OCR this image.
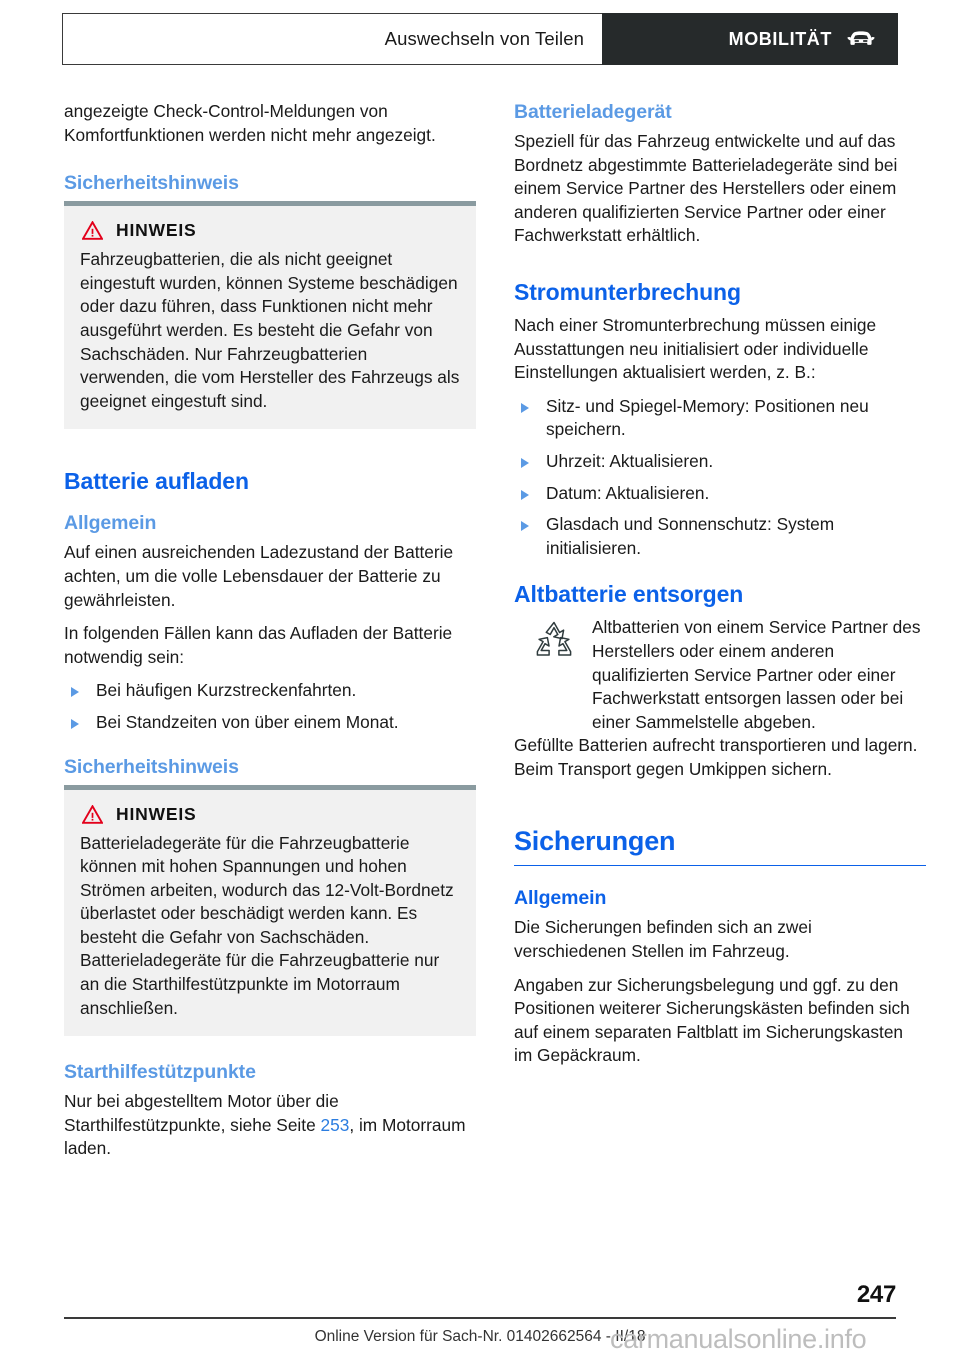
Auswechseln von Teilen	MOBILITÄT

angezeigte Check-Control-Meldungen von Komfortfunktionen werden nicht mehr angezeigt.

Sicherheitshinweis
HINWEIS

Fahrzeugbatterien, die als nicht geeignet eingestuft wurden, können Systeme beschädigen oder dazu führen, dass Funktionen nicht mehr ausgeführt werden. Es besteht die Gefahr von Sachschäden. Nur Fahrzeugbatterien verwenden, die vom Hersteller des Fahrzeugs als geeignet eingestuft sind.

Batterie aufladen
Allgemein

Auf einen ausreichenden Ladezustand der Batterie achten, um die volle Lebensdauer der Batterie zu gewährleisten.

In folgenden Fällen kann das Aufladen der Batterie notwendig sein:

Bei häufigen Kurzstreckenfahrten.
Bei Standzeiten von über einem Monat.
Sicherheitshinweis
HINWEIS

Batterieladegeräte für die Fahrzeugbatterie können mit hohen Spannungen und hohen Strömen arbeiten, wodurch das 12-Volt-Bordnetz überlastet oder beschädigt werden kann. Es besteht die Gefahr von Sachschäden. Batterieladegeräte für die Fahrzeugbatterie nur an die Starthilfestützpunkte im Motorraum anschließen.

Starthilfestützpunkte

Nur bei abgestelltem Motor über die Starthilfestützpunkte, siehe Seite 253, im Motorraum laden.

Batterieladegerät

Speziell für das Fahrzeug entwickelte und auf das Bordnetz abgestimmte Batterieladegeräte sind bei einem Service Partner des Herstellers oder einem anderen qualifizierten Service Partner oder einer Fachwerkstatt erhältlich.

Stromunterbrechung

Nach einer Stromunterbrechung müssen einige Ausstattungen neu initialisiert oder individuelle Einstellungen aktualisiert werden, z. B.:

Sitz- und Spiegel-Memory: Positionen neu speichern.
Uhrzeit: Aktualisieren.
Datum: Aktualisieren.
Glasdach und Sonnenschutz: System initialisieren.
Altbatterie entsorgen

Altbatterien von einem Service Partner des Herstellers oder einem anderen qualifizierten Service Partner oder einer Fachwerkstatt entsorgen lassen oder bei einer Sammelstelle abgeben.

Gefüllte Batterien aufrecht transportieren und lagern. Beim Transport gegen Umkippen sichern.

Sicherungen
Allgemein

Die Sicherungen befinden sich an zwei verschiedenen Stellen im Fahrzeug.

Angaben zur Sicherungsbelegung und ggf. zu den Positionen weiterer Sicherungskästen befinden sich auf einem separaten Faltblatt im Sicherungskasten im Gepäckraum.

247
Online Version für Sach-Nr. 01402662564 - II/18
carmanualsonline.info
